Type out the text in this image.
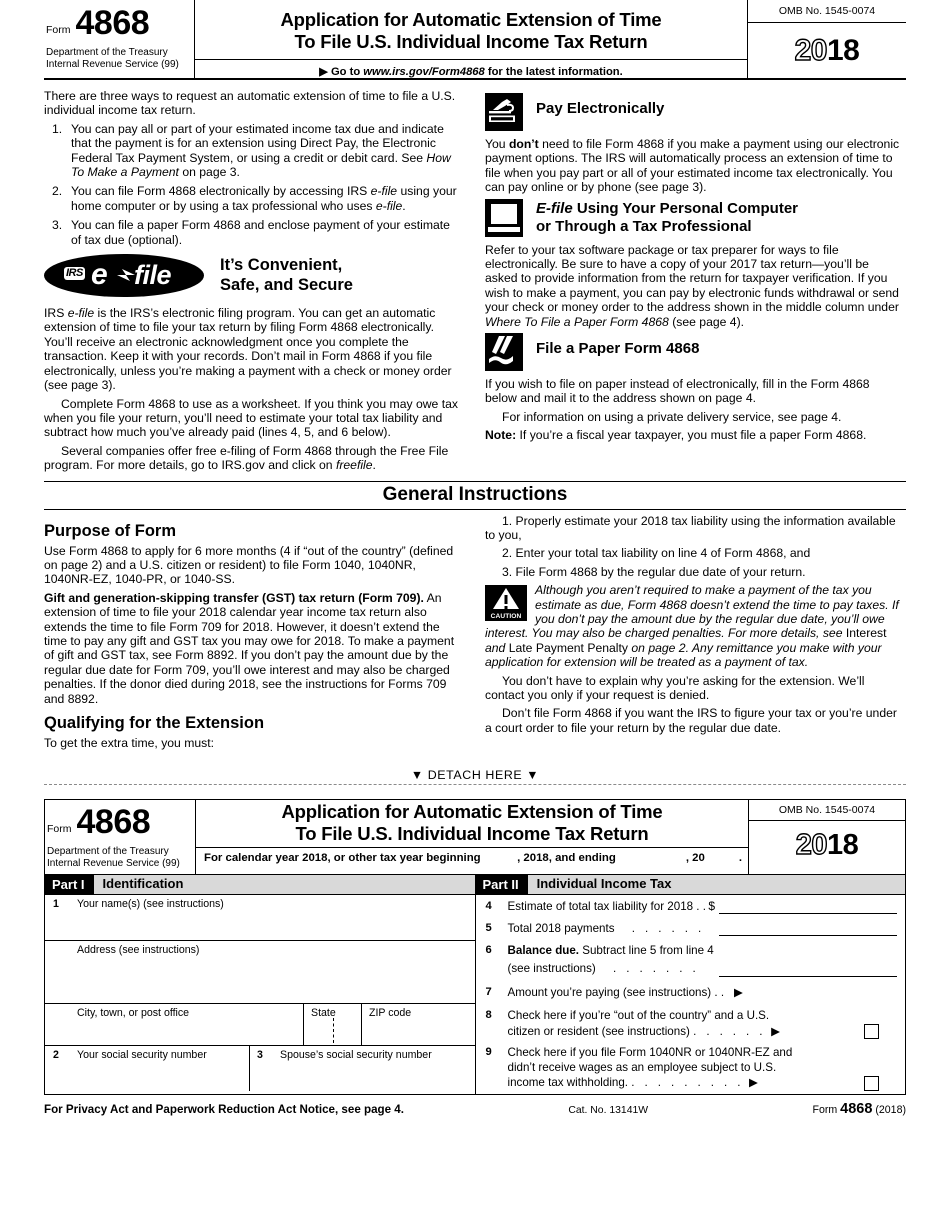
Form 4868
Department of the Treasury
Internal Revenue Service (99)
Application for Automatic Extension of Time
To File U.S. Individual Income Tax Return
▶ Go to www.irs.gov/Form4868 for the latest information.
OMB No. 1545-0074
20 18

There are three ways to request an automatic extension of time to file a U.S. individual income tax return.

1. You can pay all or part of your estimated income tax due and indicate that the payment is for an extension using Direct Pay, the Electronic Federal Tax Payment System, or using a credit or debit card. See How To Make a Payment on page 3.
2. You can file Form 4868 electronically by accessing IRS e-file using your home computer or by using a tax professional who uses e-file.
3. You can file a paper Form 4868 and enclose payment of your estimate of tax due (optional).
IRS e file	It’s Convenient,
Safe, and Secure

IRS e-file is the IRS’s electronic filing program. You can get an automatic extension of time to file your tax return by filing Form 4868 electronically. You’ll receive an electronic acknowledgment once you complete the transaction. Keep it with your records. Don’t mail in Form 4868 if you file electronically, unless you’re making a payment with a check or money order (see page 3).

Complete Form 4868 to use as a worksheet. If you think you may owe tax when you file your return, you’ll need to estimate your total tax liability and subtract how much you’ve already paid (lines 4, 5, and 6 below).

Several companies offer free e-filing of Form 4868 through the Free File program. For more details, go to IRS.gov and click on freefile.

Pay Electronically

You don’t need to file Form 4868 if you make a payment using our electronic payment options. The IRS will automatically process an extension of time to file when you pay part or all of your estimated income tax electronically. You can pay online or by phone (see page 3).

E-file Using Your Personal Computer
or Through a Tax Professional

Refer to your tax software package or tax preparer for ways to file electronically. Be sure to have a copy of your 2017 tax return—you’ll be asked to provide information from the return for taxpayer verification. If you wish to make a payment, you can pay by electronic funds withdrawal or send your check or money order to the address shown in the middle column under Where To File a Paper Form 4868 (see page 4).

File a Paper Form 4868

If you wish to file on paper instead of electronically, fill in the Form 4868 below and mail it to the address shown on page 4.

For information on using a private delivery service, see page 4.

Note: If you’re a fiscal year taxpayer, you must file a paper Form 4868.

General Instructions
Purpose of Form

Use Form 4868 to apply for 6 more months (4 if “out of the country” (defined on page 2) and a U.S. citizen or resident) to file Form 1040, 1040NR, 1040NR-EZ, 1040-PR, or 1040-SS.

Gift and generation-skipping transfer (GST) tax return (Form 709). An extension of time to file your 2018 calendar year income tax return also extends the time to file Form 709 for 2018. However, it doesn’t extend the time to pay any gift and GST tax you may owe for 2018. To make a payment of gift and GST tax, see Form 8892. If you don’t pay the amount due by the regular due date for Form 709, you’ll owe interest and may also be charged penalties. If the donor died during 2018, see the instructions for Forms 709 and 8892.

Qualifying for the Extension

To get the extra time, you must:

1. Properly estimate your 2018 tax liability using the information available to you,

2. Enter your total tax liability on line 4 of Form 4868, and

3. File Form 4868 by the regular due date of your return.

CAUTION

Although you aren’t required to make a payment of the tax you estimate as due, Form 4868 doesn’t extend the time to pay taxes. If you don’t pay the amount due by the regular due date, you’ll owe interest. You may also be charged penalties. For more details, see Interest and Late Payment Penalty on page 2. Any remittance you make with your application for extension will be treated as a payment of tax.

You don’t have to explain why you’re asking for the extension. We’ll contact you only if your request is denied.

Don’t file Form 4868 if you want the IRS to figure your tax or you’re under a court order to file your return by the regular due date.

▼ DETACH HERE ▼
Form 4868
Department of the Treasury
Internal Revenue Service (99)
Application for Automatic Extension of Time
To File U.S. Individual Income Tax Return
For calendar year 2018, or other tax year beginning	, 2018, and ending	, 20	.
OMB No. 1545-0074
20 18
Part I	Identification
1	Your name(s) (see instructions)
Address (see instructions)
City, town, or post office	State	ZIP code
2	Your social security number	3	Spouse’s social security number
Part II	Individual Income Tax
4 Estimate of total tax liability for 2018 . .
$
5 Total 2018 payments . . . . . .
6 Balance due. Subtract line 5 from line 4
(see instructions) . . . . . . .
7 Amount you’re paying (see instructions) . . ▶
8 Check here if you’re “out of the country” and a U.S.
citizen or resident (see instructions) . . . . . . ▶
9 Check here if you file Form 1040NR or 1040NR-EZ and
didn’t receive wages as an employee subject to U.S.
income tax withholding. . . . . . . . . . ▶
For Privacy Act and Paperwork Reduction Act Notice, see page 4.	Cat. No. 13141W	Form 4868 (2018)
